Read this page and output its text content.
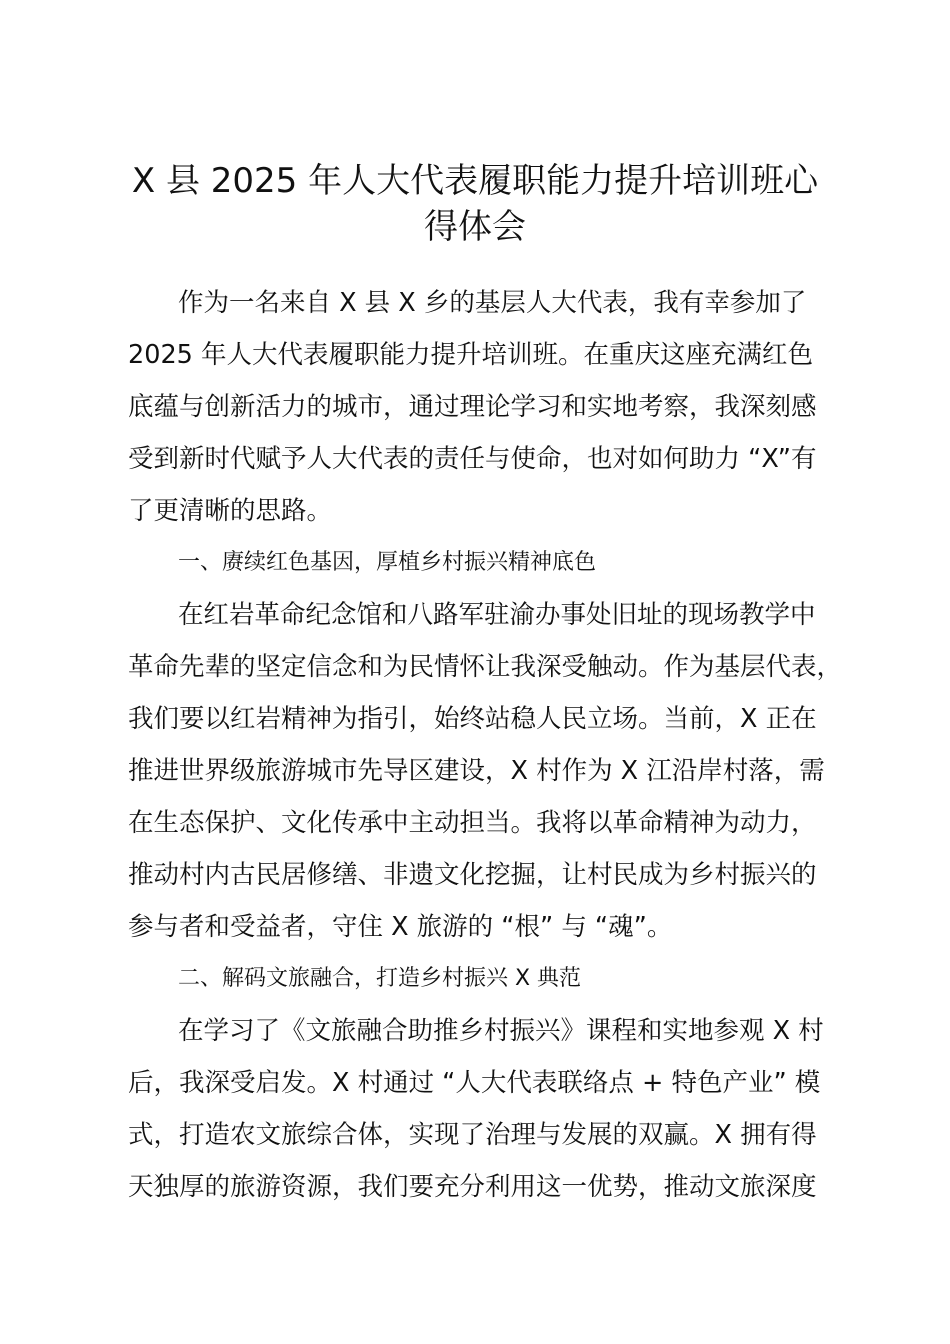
X 县 2025 年人大代表履职能力提升培训班心
得体会
作为一名来自 X 县 X 乡的基层人大代表，我有幸参加了
2025 年人大代表履职能力提升培训班。在重庆这座充满红色
底蕴与创新活力的城市，通过理论学习和实地考察，我深刻感
受到新时代赋予人大代表的责任与使命，也对如何助力 “X”有
了更清晰的思路。
一、赓续红色基因，厚植乡村振兴精神底色
在红岩革命纪念馆和八路军驻渝办事处旧址的现场教学中
革命先辈的坚定信念和为民情怀让我深受触动。作为基层代表，
我们要以红岩精神为指引，始终站稳人民立场。当前，X 正在
推进世界级旅游城市先导区建设，X 村作为 X 江沿岸村落，需
在生态保护、文化传承中主动担当。我将以革命精神为动力，
推动村内古民居修缮、非遗文化挖掘，让村民成为乡村振兴的
参与者和受益者，守住 X 旅游的 “根” 与 “魂”。
二、解码文旅融合，打造乡村振兴 X 典范
在学习了《文旅融合助推乡村振兴》课程和实地参观 X 村
后，我深受启发。X 村通过 “人大代表联络点 + 特色产业” 模
式，打造农文旅综合体，实现了治理与发展的双赢。X 拥有得
天独厚的旅游资源，我们要充分利用这一优势，推动文旅深度
